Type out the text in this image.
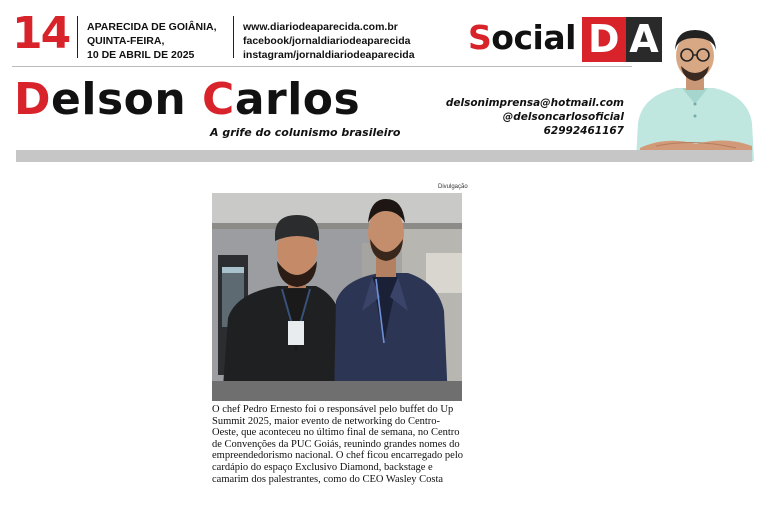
14 APARECIDA DE GOIÂNIA,
QUINTA-FEIRA,
10 DE ABRIL DE 2025
www.diariodeaparecida.com.br
facebook/jornaldiariodeaparecida
instagram/jornaldiariodeaparecida Social D A
Delson Carlos
A grife do colunismo brasileiro
delsonimprensa@hotmail.com
@delsoncarlosoficial
62992461167
Divulgação
O chef Pedro Ernesto foi o responsável pelo buffet do Up Summit 2025, maior evento de networking do Centro-Oeste, que aconteceu no último final de semana, no Centro de Convenções da PUC Goiás, reunindo grandes nomes do empreendedorismo nacional. O chef ficou encarregado pelo cardápio do espaço Exclusivo Diamond, backstage e camarim dos palestrantes, como do CEO Wasley Costa
